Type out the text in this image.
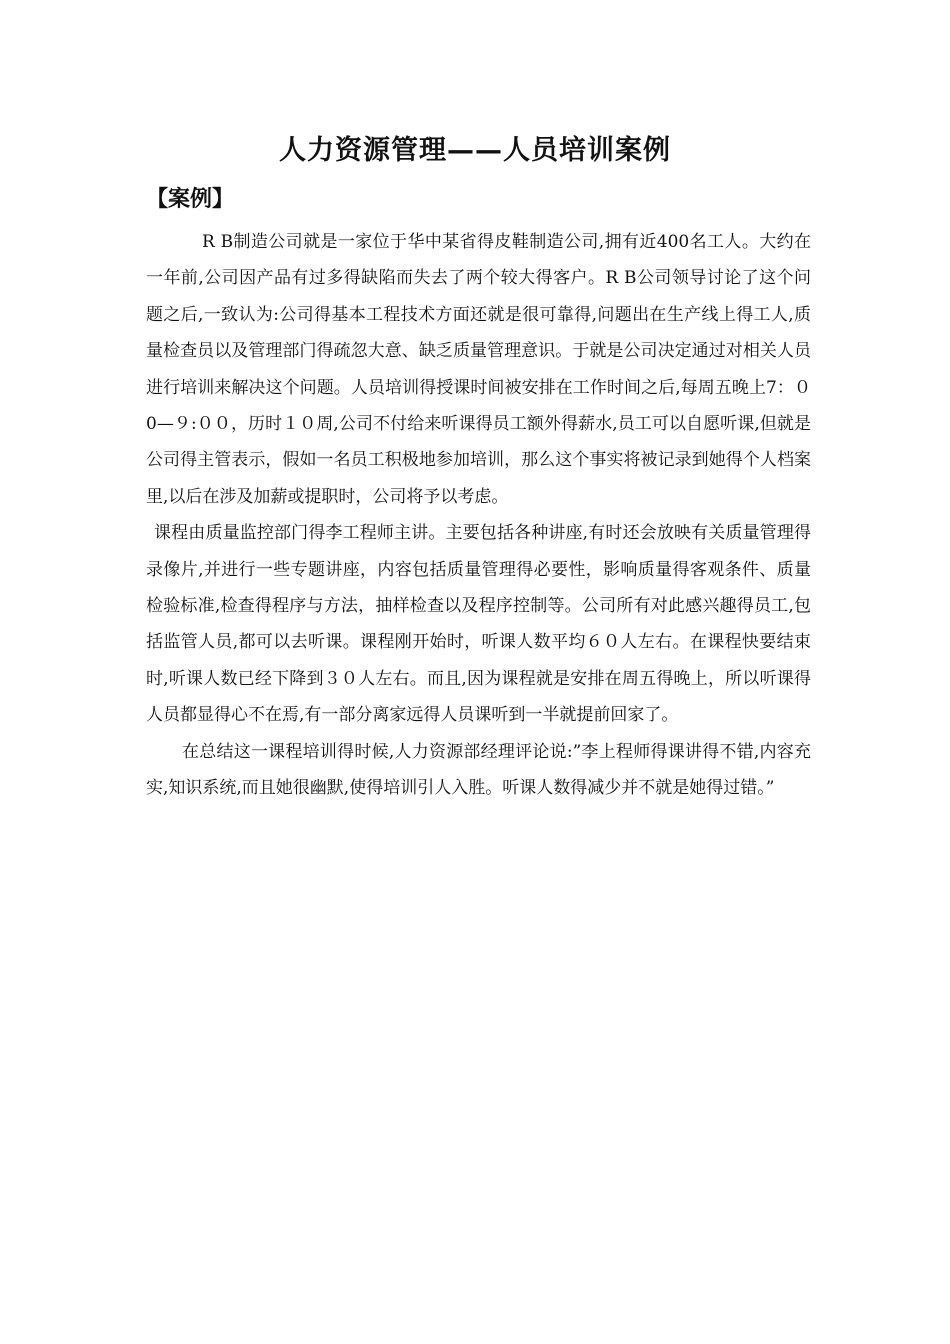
人力资源管理——人员培训案例
【案例】

R B制造公司就是一家位于华中某省得皮鞋制造公司,拥有近400名工人。大约在一年前,公司因产品有过多得缺陷而失去了两个较大得客户。R B公司领导讨论了这个问题之后,一致认为:公司得基本工程技术方面还就是很可靠得,问题出在生产线上得工人,质量检查员以及管理部门得疏忽大意、缺乏质量管理意识。于就是公司决定通过对相关人员进行培训来解决这个问题。人员培训得授课时间被安排在工作时间之后,每周五晚上7：０0—９:００，历时１０周,公司不付给来听课得员工额外得薪水,员工可以自愿听课,但就是公司得主管表示，假如一名员工积极地参加培训，那么这个事实将被记录到她得个人档案里,以后在涉及加薪或提职时，公司将予以考虑。

课程由质量监控部门得李工程师主讲。主要包括各种讲座,有时还会放映有关质量管理得录像片,并进行一些专题讲座，内容包括质量管理得必要性，影响质量得客观条件、质量检验标准,检查得程序与方法，抽样检查以及程序控制等。公司所有对此感兴趣得员工,包括监管人员,都可以去听课。课程刚开始时，听课人数平均６０人左右。在课程快要结束时,听课人数已经下降到３０人左右。而且,因为课程就是安排在周五得晚上，所以听课得人员都显得心不在焉,有一部分离家远得人员课听到一半就提前回家了。

在总结这一课程培训得时候,人力资源部经理评论说:”李上程师得课讲得不错,内容充实,知识系统,而且她很幽默,使得培训引人入胜。听课人数得减少并不就是她得过错。”
